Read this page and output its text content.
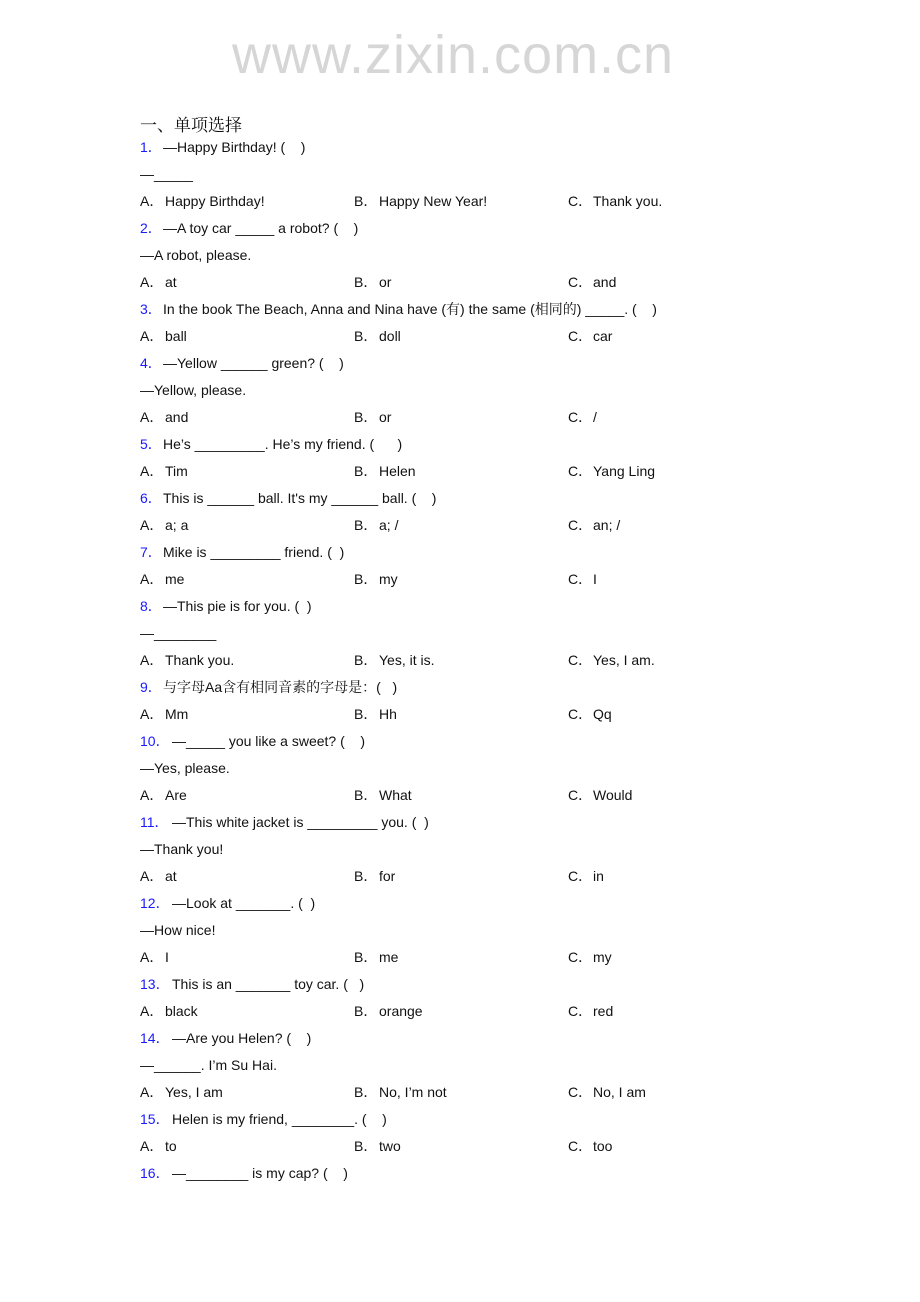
www.zixin.com.cn
一、单项选择
1．—Happy Birthday! (    )
—_____
A． Happy Birthday!	B． Happy New Year!	C．Thank you.
2．—A toy car _____ a robot? (    )
—A robot, please.
A． at	B． or	C．and
3．In the book The Beach, Anna and Nina have (有) the same (相同的) _____. (    )
A． ball	B． doll	C．car
4．—Yellow ______ green? (    )
—Yellow, please.
A． and	B． or	C．/
5．He’s _________. He’s my friend. (      )
A． Tim	B． Helen	C．Yang Ling
6．This is ______ ball. It's my ______ ball. (    )
A． a; a	B． a; /	C．an; /
7．Mike is _________ friend. (  )
A． me	B． my	C．I
8．—This pie is for you. (  )
—________
A． Thank you.	B． Yes, it is.	C．Yes, I am.
9．与字母Aa含有相同音素的字母是：(   )
A． Mm	B． Hh	C．Qq
10． —_____ you like a sweet? (    )
—Yes, please.
A． Are	B． What	C．Would
11． —This white jacket is _________ you. (  )
—Thank you!
A． at	B． for	C．in
12． —Look at _______. (  )
—How nice!
A． I	B． me	C．my
13． This is an _______ toy car. (   )
A． black	B． orange	C．red
14． —Are you Helen? (    )
—______. I’m Su Hai.
A． Yes, I am	B． No, I’m not	C．No, I am
15． Helen is my friend, ________. (    )
A． to	B． two	C．too
16． —________ is my cap? (    )
